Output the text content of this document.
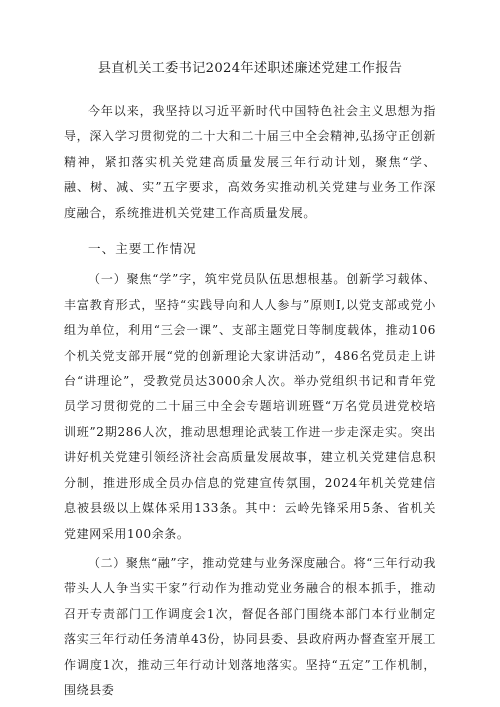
县直机关工委书记2024年述职述廉述党建工作报告

今年以来，我坚持以习近平新时代中国特色社会主义思想为指导，深入学习贯彻党的二十大和二十届三中全会精神,弘扬守正创新精神，紧扣落实机关党建高质量发展三年行动计划，聚焦“学、融、树、减、实”五字要求，高效务实推动机关党建与业务工作深度融合，系统推进机关党建工作高质量发展。

一、主要工作情况

（一）聚焦“学”字，筑牢党员队伍思想根基。创新学习载体、丰富教育形式，坚持“实践导向和人人参与”原则I,以党支部或党小组为单位，利用“三会一课”、支部主题党日等制度载体，推动106个机关党支部开展“党的创新理论大家讲活动”，486名党员走上讲台“讲理论”，受教党员达3000余人次。举办党组织书记和青年党员学习贯彻党的二十届三中全会专题培训班暨“万名党员进党校培训班”2期286人次，推动思想理论武装工作进一步走深走实。突出讲好机关党建引领经济社会高质量发展故事，建立机关党建信息积分制，推进形成全员办信息的党建宣传氛围，2024年机关党建信息被县级以上媒体采用133条。其中：云岭先锋采用5条、省机关党建网采用100余条。

（二）聚焦“融”字，推动党建与业务深度融合。将“三年行动我带头人人争当实干家”行动作为推动党业务融合的根本抓手，推动召开专责部门工作调度会1次，督促各部门围绕本部门本行业制定落实三年行动任务清单43份，协同县委、县政府两办督查室开展工作调度1次，推动三年行动计划落地落实。坚持“五定”工作机制，围绕县委
